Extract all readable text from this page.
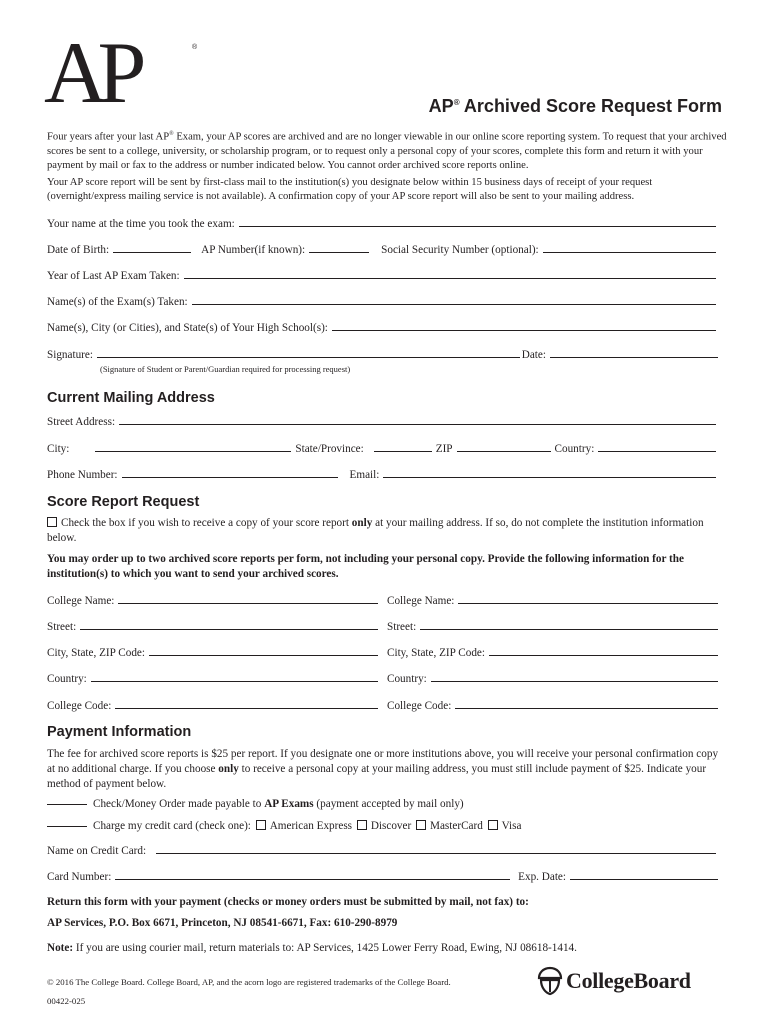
AP	®
AP® Archived Score Request Form
Four years after your last AP® Exam, your AP scores are archived and are no longer viewable in our online score reporting system. To request that your archived scores be sent to a college, university, or scholarship program, or to request only a personal copy of your scores, complete this form and return it with your payment by mail or fax to the address or number indicated below. You cannot order archived score reports online.
Your AP score report will be sent by first-class mail to the institution(s) you designate below within 15 business days of receipt of your request (overnight/express mailing service is not available). A confirmation copy of your AP score report will also be sent to your mailing address.
Your name at the time you took the exam:
Date of Birth:	AP Number(if known):	Social Security Number (optional):
Year of Last AP Exam Taken:
Name(s) of the Exam(s) Taken:
Name(s), City (or Cities), and State(s) of Your High School(s):
Signature:	Date:
(Signature of Student or Parent/Guardian required for processing request)
Current Mailing Address
Street Address:
City:	State/Province:	ZIP	Country:
Phone Number:	Email:
Score Report Request
Check the box if you wish to receive a copy of your score report only at your mailing address. If so, do not complete the institution information below.
You may order up to two archived score reports per form, not including your personal copy. Provide the following information for the institution(s) to which you want to send your archived scores.
College Name:	College Name:
Street:	Street:
City, State, ZIP Code:	City, State, ZIP Code:
Country:	Country:
College Code:	College Code:
Payment Information
The fee for archived score reports is $25 per report. If you designate one or more institutions above, you will receive your personal confirmation copy at no additional charge. If you choose only to receive a personal copy at your mailing address, you must still include payment of $25. Indicate your method of payment below.
Check/Money Order made payable to AP Exams (payment accepted by mail only)
Charge my credit card (check one): American Express Discover MasterCard Visa
Name on Credit Card:
Card Number:	Exp. Date:
Return this form with your payment (checks or money orders must be submitted by mail, not fax) to:
AP Services, P.O. Box 6671, Princeton, NJ 08541-6671, Fax: 610-290-8979
Note: If you are using courier mail, return materials to: AP Services, 1425 Lower Ferry Road, Ewing, NJ 08618-1414.
© 2016 The College Board. College Board, AP, and the acorn logo are registered trademarks of the College Board.
00422-025
CollegeBoard
